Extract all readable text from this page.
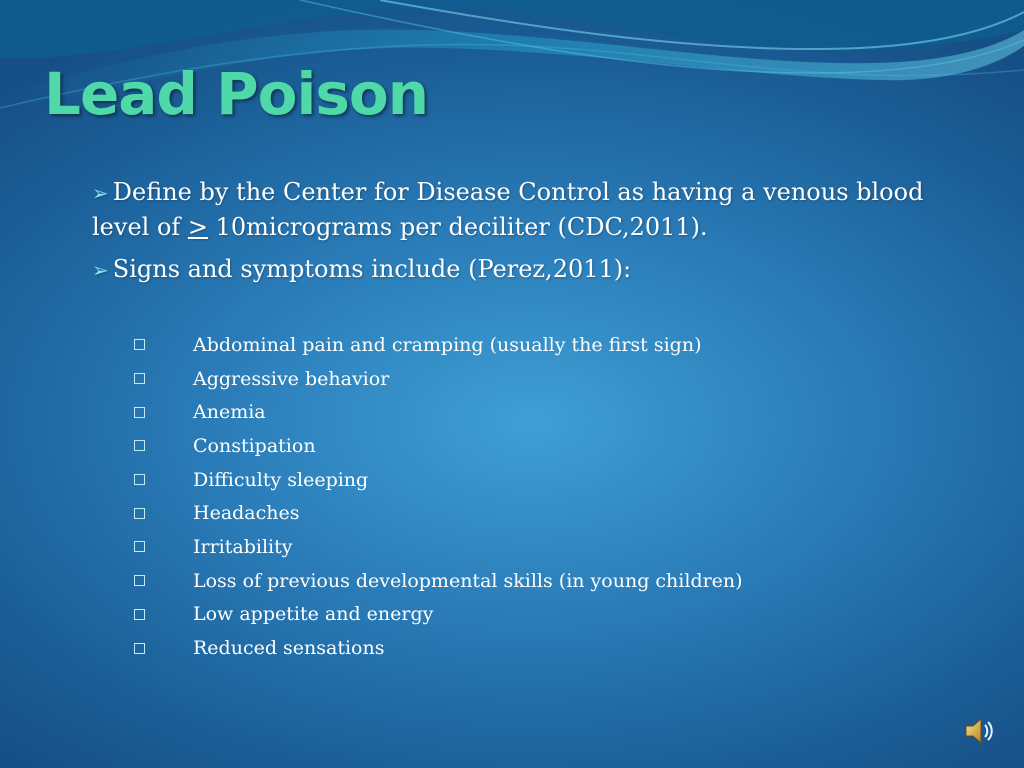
Lead Poison

➢ Define by the Center for Disease Control as having a venous blood level of ≥ 10micrograms per deciliter (CDC,2011).

➢ Signs and symptoms include (Perez,2011):

Abdominal pain and cramping (usually the first sign)
Aggressive behavior
Anemia
Constipation
Difficulty sleeping
Headaches
Irritability
Loss of previous developmental skills (in young children)
Low appetite and energy
Reduced sensations
